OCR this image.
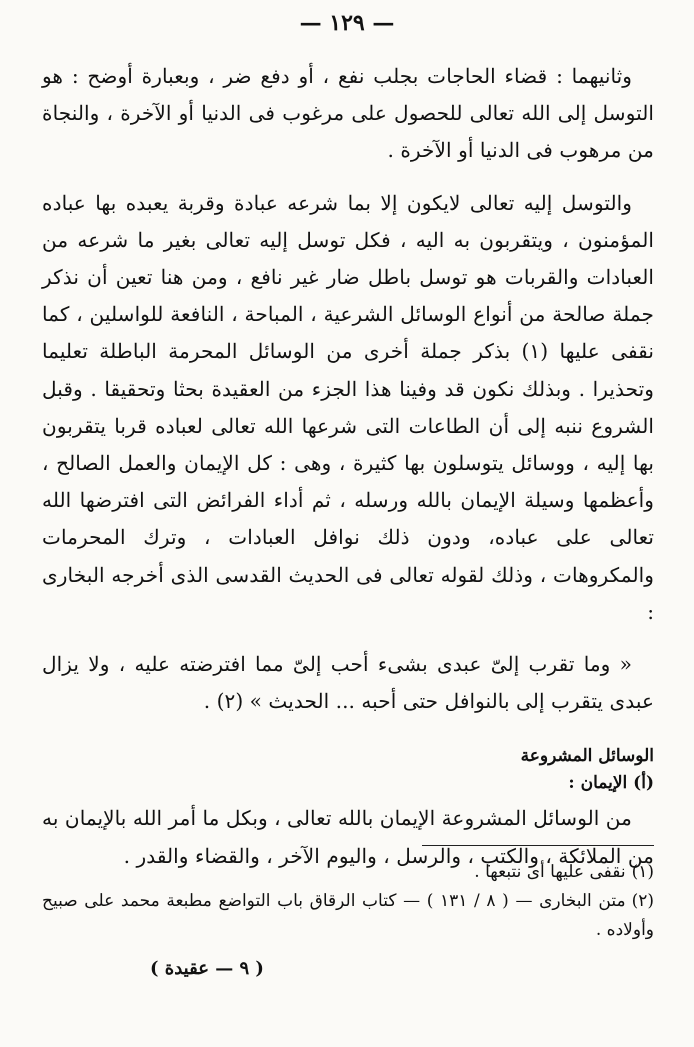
— ١٢٩ —

وثانيهما : قضاء الحاجات بجلب نفع ، أو دفع ضر ، وبعبارة أوضح : هو التوسل إلى الله تعالى للحصول على مرغوب فى الدنيا أو الآخرة ، والنجاة من مرهوب فى الدنيا أو الآخرة .

والتوسل إليه تعالى لايكون إلا بما شرعه عبادة وقربة يعبده بها عباده المؤمنون ، ويتقربون به اليه ، فكل توسل إليه تعالى بغير ما شرعه من العبادات والقربات هو توسل باطل ضار غير نافع ، ومن هنا تعين أن نذكر جملة صالحة من أنواع الوسائل الشرعية ، المباحة ، النافعة للواسلين ، كما نقفى عليها (١) بذكر جملة أخرى من الوسائل المحرمة الباطلة تعليما وتحذيرا . وبذلك نكون قد وفينا هذا الجزء من العقيدة بحثا وتحقيقا . وقبل الشروع ننبه إلى أن الطاعات التى شرعها الله تعالى لعباده قربا يتقربون بها إليه ، ووسائل يتوسلون بها كثيرة ، وهى : كل الإيمان والعمل الصالح ، وأعظمها وسيلة الإيمان بالله ورسله ، ثم أداء الفرائض التى افترضها الله تعالى على عباده، ودون ذلك نوافل العبادات ، وترك المحرمات والمكروهات ، وذلك لقوله تعالى فى الحديث القدسى الذى أخرجه البخارى :

« وما تقرب إلىّ عبدى بشىء أحب إلىّ مما افترضته عليه ، ولا يزال عبدى يتقرب إلى بالنوافل حتى أحبه ... الحديث » (٢) .

الوسائل المشروعة
(أ) الإيمان :

من الوسائل المشروعة الإيمان بالله تعالى ، وبكل ما أمر الله بالإيمان به من الملائكة ، والكتب ، والرسل ، واليوم الآخر ، والقضاء والقدر .

(١)نقفى عليها أى نتبعها .

(٢)متن البخارى — ( ٨ / ١٣١ ) — كتاب الرقاق باب التواضع مطبعة محمد على صبيح وأولاده .

( ٩ — عقيدة )
